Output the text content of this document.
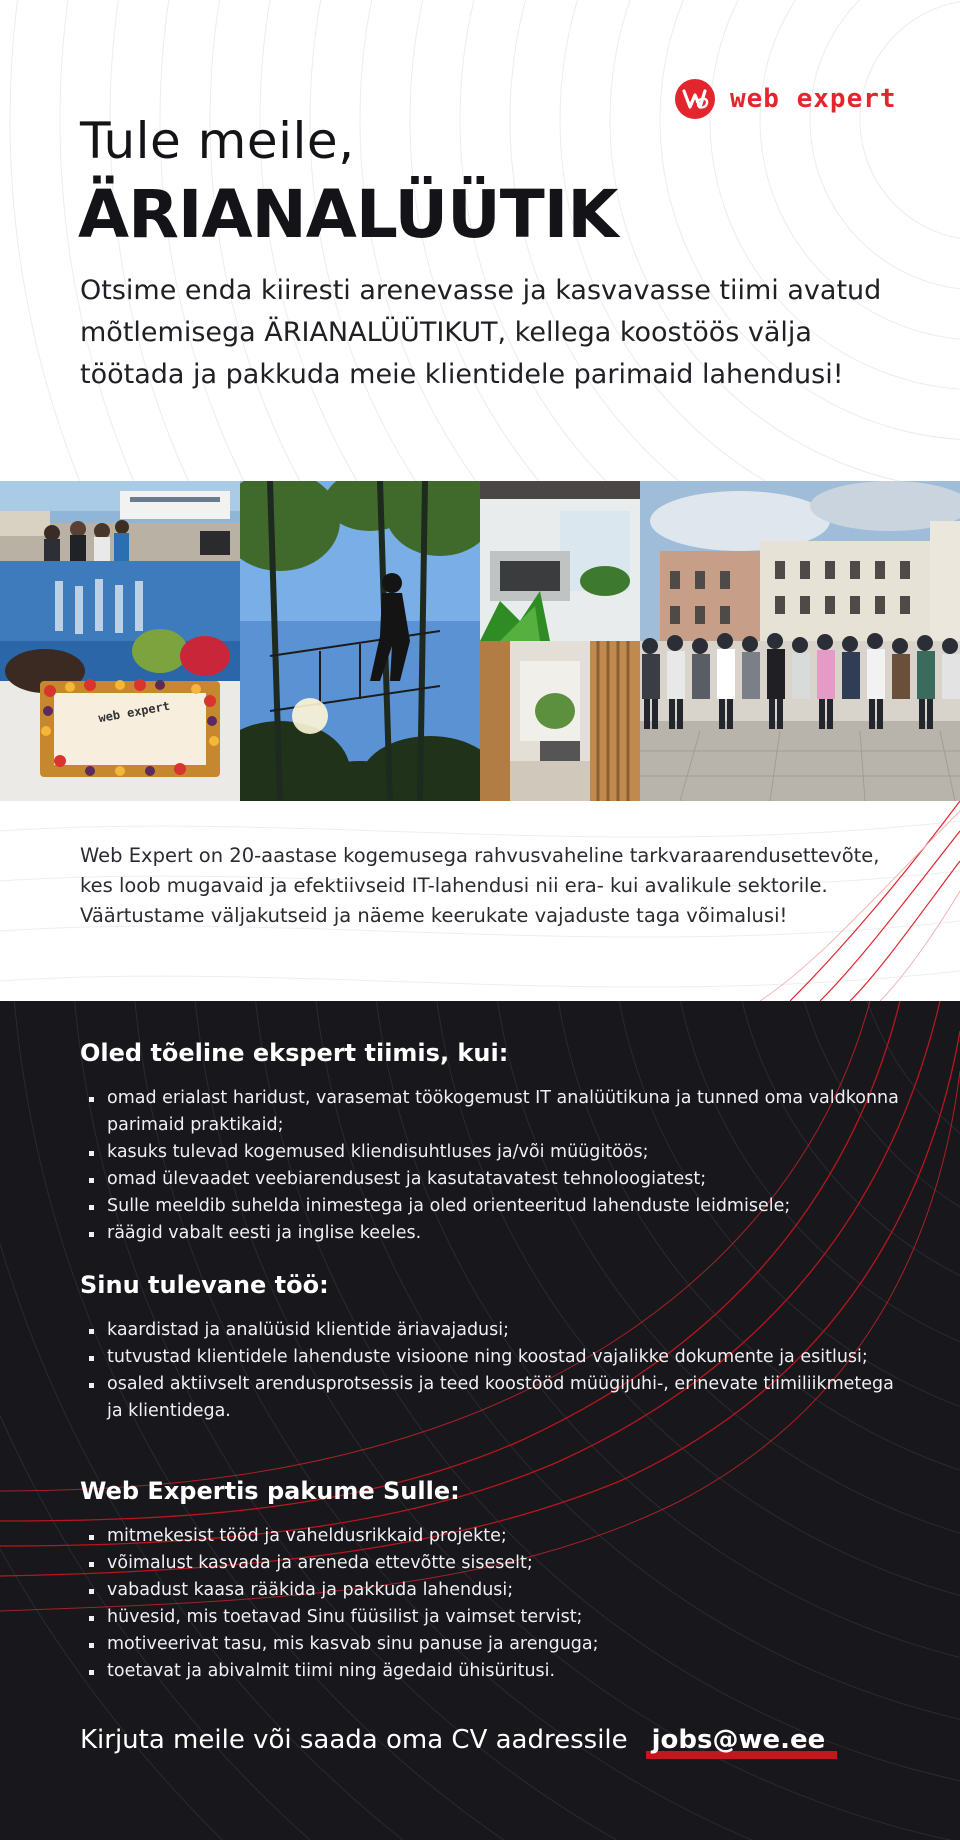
web expert
Tule meile,
ÄRIANALÜÜTIK

Otsime enda kiiresti arenevasse ja kasvavasse tiimi avatud mõtlemisega ÄRIANALÜÜTIKUT, kellega koostöös välja töötada ja pakkuda meie klientidele parimaid lahendusi!

web expert

Web Expert on 20-aastase kogemusega rahvusvaheline tarkvaraarendusettevõte, kes loob mugavaid ja efektiivseid IT-lahendusi nii era- kui avalikule sektorile. Väärtustame väljakutseid ja näeme keerukate vajaduste taga võimalusi!

Oled tõeline ekspert tiimis, kui:
omad erialast haridust, varasemat töökogemust IT analüütikuna ja tunned oma valdkonna parimaid praktikaid;
kasuks tulevad kogemused kliendisuhtluses ja/või müügitöös;
omad ülevaadet veebiarendusest ja kasutatavatest tehnoloogiatest;
Sulle meeldib suhelda inimestega ja oled orienteeritud lahenduste leidmisele;
räägid vabalt eesti ja inglise keeles.
Sinu tulevane töö:
kaardistad ja analüüsid klientide äriavajadusi;
tutvustad klientidele lahenduste visioone ning koostad vajalikke dokumente ja esitlusi;
osaled aktiivselt arendusprotsessis ja teed koostööd müügijuhi-, erinevate tiimiliikmetega ja klientidega.
Web Expertis pakume Sulle:
mitmekesist tööd ja vaheldusrikkaid projekte;
võimalust kasvada ja areneda ettevõtte siseselt;
vabadust kaasa rääkida ja pakkuda lahendusi;
hüvesid, mis toetavad Sinu füüsilist ja vaimset tervist;
motiveerivat tasu, mis kasvab sinu panuse ja arenguga;
toetavat ja abivalmit tiimi ning ägedaid ühisüritusi.
Kirjuta meile või saada oma CV aadressile jobs@we.ee
